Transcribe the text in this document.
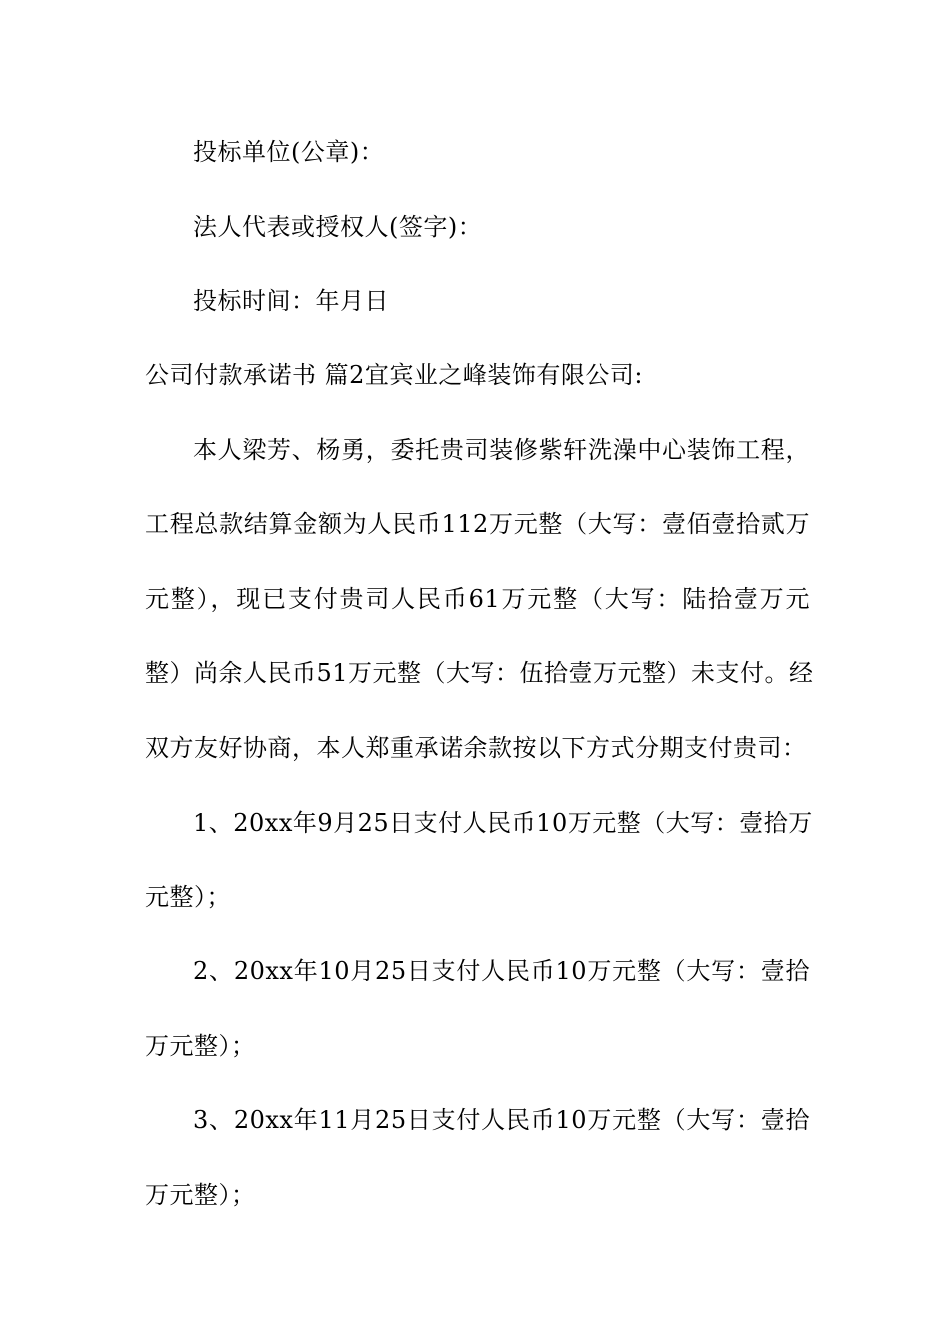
投标单位(公章)：
法人代表或授权人(签字)：
投标时间：年月日
公司付款承诺书 篇2宜宾业之峰装饰有限公司:
本人梁芳、杨勇，委托贵司装修紫轩洗澡中心装饰工程，
工程总款结算金额为人民币112万元整（大写：壹佰壹拾贰万
元整），现已支付贵司人民币61万元整（大写：陆拾壹万元
整）尚余人民币51万元整（大写：伍拾壹万元整）未支付。经
双方友好协商，本人郑重承诺余款按以下方式分期支付贵司：
1、20xx年9月25日支付人民币10万元整（大写：壹拾万
元整）；
2、20xx年10月25日支付人民币10万元整（大写：壹拾
万元整）；
3、20xx年11月25日支付人民币10万元整（大写：壹拾
万元整）；
